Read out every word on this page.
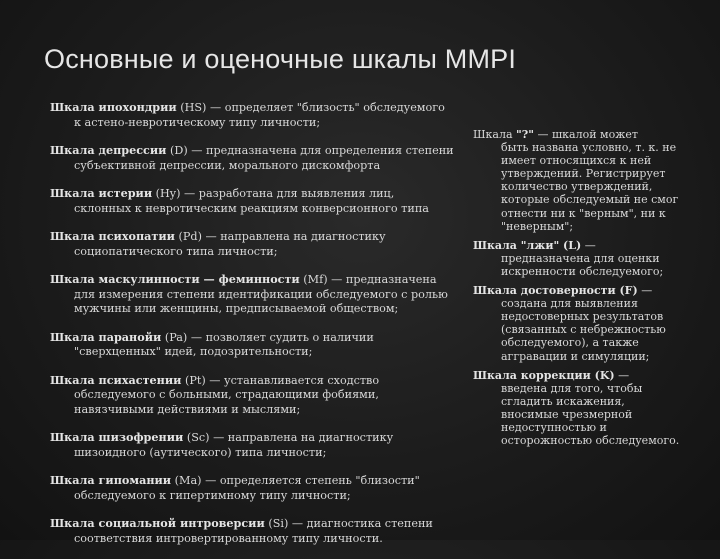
Основные и оценочные шкалы MMPI
Шкала ипохондрии (HS) — определяет "близость" обследуемого к астено-невротическому типу личности;
Шкала депрессии (D) — предназначена для определения степени субъективной депрессии, морального дискомфорта
Шкала истерии (Hy) — разработана для выявления лиц, склонных к невротическим реакциям конверсионного типа
Шкала психопатии (Pd) — направлена на диагностику социопатического типа личности;
Шкала маскулинности — феминности (Mf) — предназначена для измерения степени идентификации обследуемого с ролью мужчины или женщины, предписываемой обществом;
Шкала паранойи (Pa) — позволяет судить о наличии "сверхценных" идей, подозрительности;
Шкала психастении (Pt) — устанавливается сходство обследуемого с больными, страдающими фобиями, навязчивыми действиями и мыслями;
Шкала шизофрении (Sc) — направлена на диагностику шизоидного (аутического) типа личности;
Шкала гипомании (Ma) — определяется степень "близости" обследуемого к гипертимному типу личности;
Шкала социальной интроверсии (Si) — диагностика степени соответствия интровертированному типу личности.
Шкала "?" — шкалой может
быть названа условно, т. к. не имеет относящихся к ней утверждений. Регистрирует количество утверждений, которые обследуемый не смог отнести ни к "верным", ни к "неверным";
Шкала "лжи" (L) —
предназначена для оценки искренности обследуемого;
Шкала достоверности (F) —
создана для выявления недостоверных результатов (связанных с небрежностью обследуемого), а также аггравации и симуляции;
Шкала коррекции (K) —
введена для того, чтобы сгладить искажения, вносимые чрезмерной недоступностью и осторожностью обследуемого.
